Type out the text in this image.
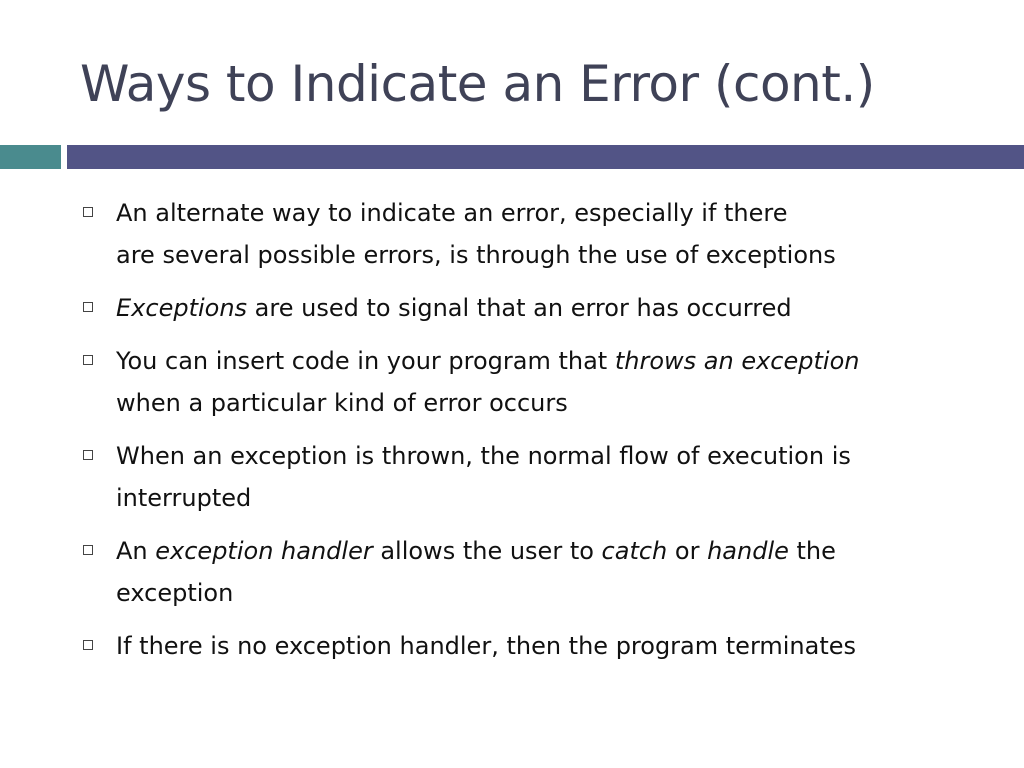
Ways to Indicate an Error (cont.)
An alternate way to indicate an error, especially if there
are several possible errors, is through the use of exceptions
Exceptions are used to signal that an error has occurred
You can insert code in your program that throws an exception
when a particular kind of error occurs
When an exception is thrown, the normal flow of execution is
interrupted
An exception handler allows the user to catch or handle the
exception
If there is no exception handler, then the program terminates
